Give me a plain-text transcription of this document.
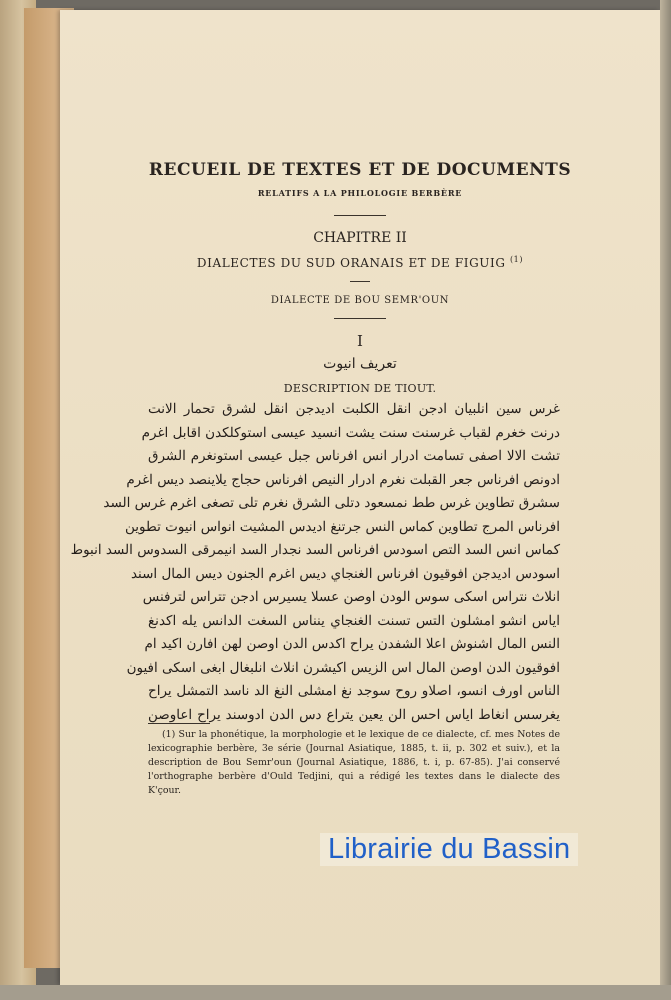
RECUEIL DE TEXTES ET DE DOCUMENTS
RELATIFS A LA PHILOLOGIE BERBÈRE
CHAPITRE II
DIALECTES DU SUD ORANAIS ET DE FIGUIG $^{(1)}$
DIALECTE DE BOU SEMR'OUN
I
تعريف انيوت
DESCRIPTION DE TIOUT.
غرس سين انلبيان ادجن انقل الكلبت اديدجن انقل لشرق تحمار الانت
درنت خغرم لقباب غرسنت سنت يشت انسيد عيسى استوكلكدن اقابل اغرم
تشت الالا اصفى تسامت ادرار انس افرناس جبل عيسى استونغرم الشرق
ادونص افرناس جعر القبلت نغرم ادرار النيص افرناس حجاج يلاينصد ديس اغرم
سشرق تطاوين غرس طط نمسعود دتلى الشرق نغرم تلى تصغى اغرم غرس السد
افرناس المرج تطاوين كماس النس جرتنغ اديدس المشيت انواس انيوت تطوين
كماس انس السد التص اسودس افرناس السد نجدار السد انيمرقى السدوس السد انبوط
اسودس اديدجن افوقيون افرناس الغنجاي ديس اغرم الجنون ديس المال اسند
انلاث نتراس اسكى سوس الودن اوصن عسلا يسيرس ادجن تتراس لترفنس
اياس انشو امشلون التس تسنت الغنجاي ينناس السغت الدانس يله اكدنغ
النس المال اشنوش اعلا الشفدن يراح اكدس الدن اوصن لهن افارن اكيد ام
افوقيون الدن اوصن المال اس الزيس اكيشرن انلاث انلبغال ابغى اسكى افيون
الناس اورف انسو، اصلاو روح سوجد نغ امشلى النغ الد ناسد التمشل يراح
يغرسس انغاط اياس احس الن يعين يتراع دس الدن ادوسند يراح اعاوصن
(1) Sur la phonétique, la morphologie et le lexique de ce dialecte, cf. mes Notes de lexicographie berbère, 3e série (Journal Asiatique, 1885, t. ii, p. 302 et suiv.), et la description de Bou Semr'oun (Journal Asiatique, 1886, t. i, p. 67-85). J'ai conservé l'orthographe berbère d'Ould Tedjini, qui a rédigé les textes dans le dialecte des K'çour.
Librairie du Bassin
